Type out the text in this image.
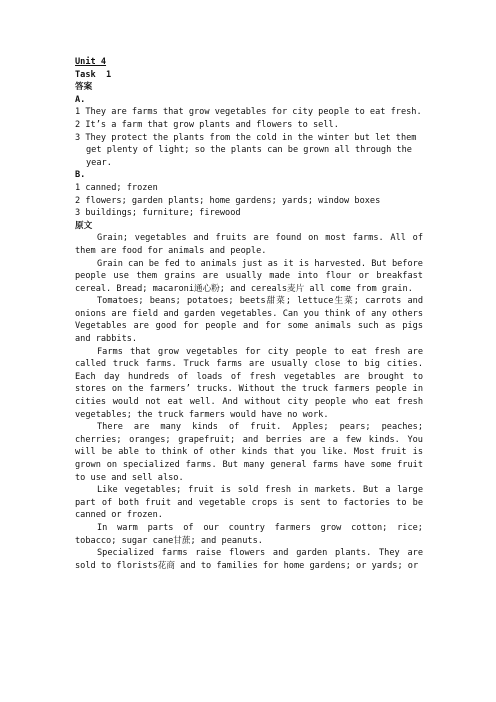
Unit 4
Task  1
答案
A.
1 They are farms that grow vegetables for city people to eat fresh.
2 It’s a farm that grow plants and flowers to sell.
3 They protect the plants from the cold in the winter but let them get plenty of light; so the plants can be grown all through the year.
B.
1 canned; frozen
2 flowers; garden plants; home gardens; yards; window boxes
3 buildings; furniture; firewood
原文
Grain; vegetables and fruits are found on most farms. All of them are food for animals and people.
Grain can be fed to animals just as it is harvested. But before people use them grains are usually made into flour or breakfast cereal. Bread; macaroni通心粉; and cereals麦片 all come from grain.
Tomatoes; beans; potatoes; beets甜菜; lettuce生菜; carrots and onions are field and garden vegetables. Can you think of any others Vegetables are good for people and for some animals such as pigs and rabbits.
Farms that grow vegetables for city people to eat fresh are called truck farms. Truck farms are usually close to big cities. Each day hundreds of loads of fresh vegetables are brought to stores on the farmers’ trucks. Without the truck farmers people in cities would not eat well. And without city people who eat fresh vegetables; the truck farmers would have no work.
There are many kinds of fruit. Apples; pears; peaches; cherries; oranges; grapefruit; and berries are a few kinds. You will be able to think of other kinds that you like. Most fruit is grown on specialized farms. But many general farms have some fruit to use and sell also.
Like vegetables; fruit is sold fresh in markets. But a large part of both fruit and vegetable crops is sent to factories to be canned or frozen.
In warm parts of our country farmers grow cotton; rice; tobacco; sugar cane甘蔗; and peanuts.
Specialized farms raise flowers and garden plants. They are sold to florists花商 and to families for home gardens; or yards; or
